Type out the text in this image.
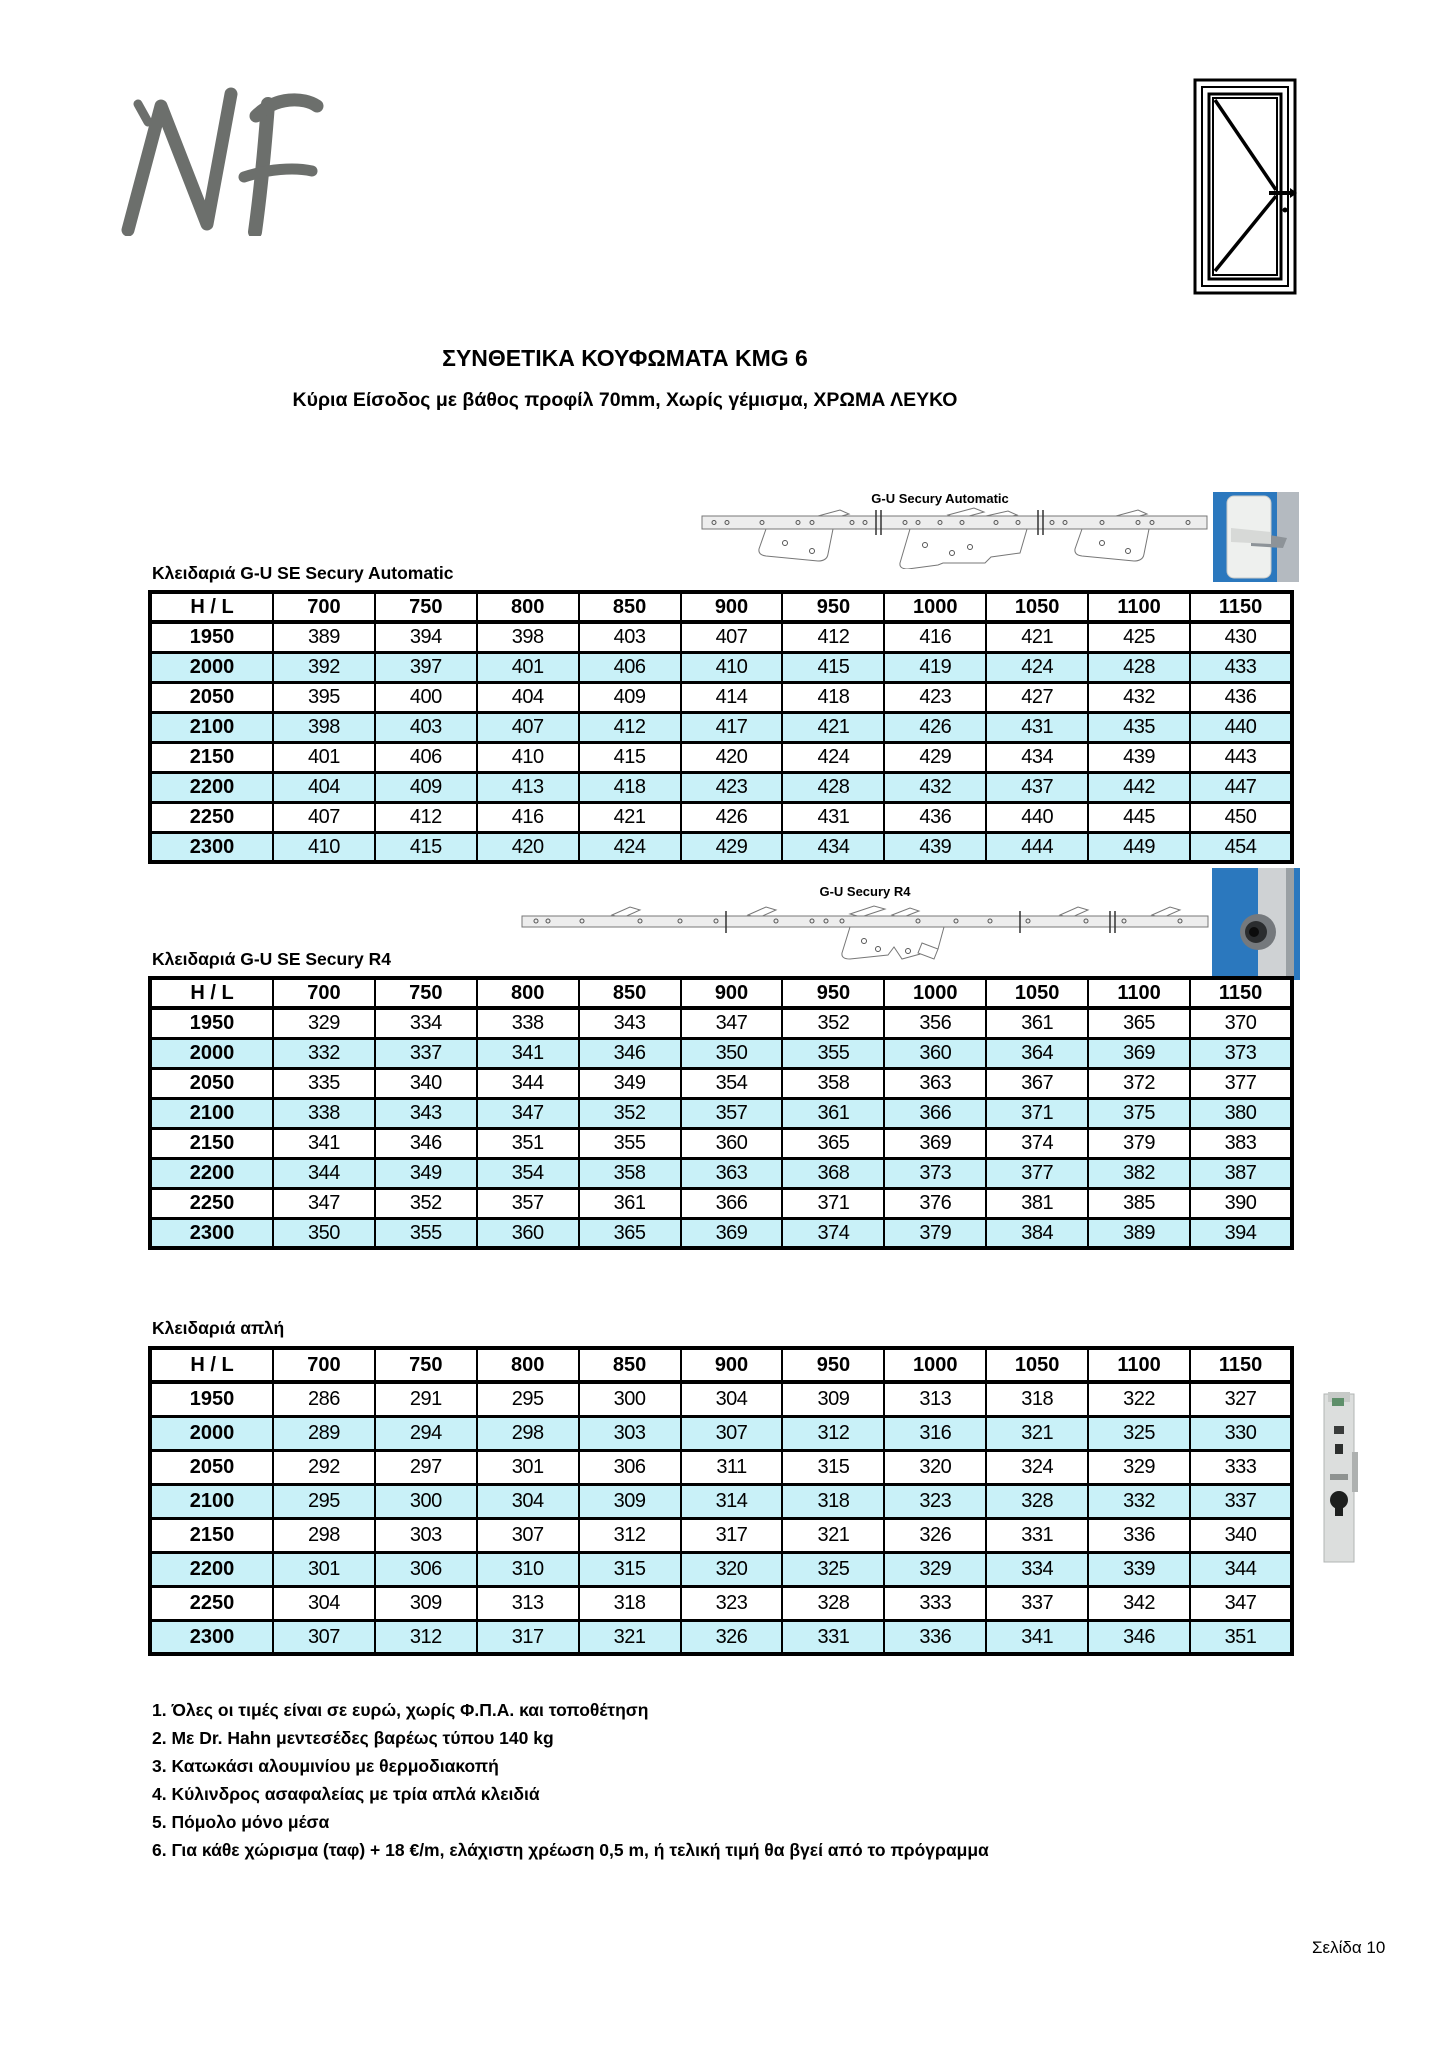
ΣΥΝΘΕΤΙΚΑ ΚΟΥΦΩΜΑΤΑ KMG 6
Κύρια Είσοδος με βάθος προφίλ 70mm, Χωρίς γέμισμα, ΧΡΩΜΑ ΛΕΥΚΟ
G-U Secury Automatic
Κλειδαριά G-U SE Secury Automatic
H / L	700	750	800	850	900	950	1000	1050	1100	1150
1950	389	394	398	403	407	412	416	421	425	430
2000	392	397	401	406	410	415	419	424	428	433
2050	395	400	404	409	414	418	423	427	432	436
2100	398	403	407	412	417	421	426	431	435	440
2150	401	406	410	415	420	424	429	434	439	443
2200	404	409	413	418	423	428	432	437	442	447
2250	407	412	416	421	426	431	436	440	445	450
2300	410	415	420	424	429	434	439	444	449	454
G-U Secury R4
Κλειδαριά G-U SE Secury R4
H / L	700	750	800	850	900	950	1000	1050	1100	1150
1950	329	334	338	343	347	352	356	361	365	370
2000	332	337	341	346	350	355	360	364	369	373
2050	335	340	344	349	354	358	363	367	372	377
2100	338	343	347	352	357	361	366	371	375	380
2150	341	346	351	355	360	365	369	374	379	383
2200	344	349	354	358	363	368	373	377	382	387
2250	347	352	357	361	366	371	376	381	385	390
2300	350	355	360	365	369	374	379	384	389	394
Κλειδαριά απλή
H / L	700	750	800	850	900	950	1000	1050	1100	1150
1950	286	291	295	300	304	309	313	318	322	327
2000	289	294	298	303	307	312	316	321	325	330
2050	292	297	301	306	311	315	320	324	329	333
2100	295	300	304	309	314	318	323	328	332	337
2150	298	303	307	312	317	321	326	331	336	340
2200	301	306	310	315	320	325	329	334	339	344
2250	304	309	313	318	323	328	333	337	342	347
2300	307	312	317	321	326	331	336	341	346	351
1. Όλες οι τιμές είναι σε ευρώ, χωρίς Φ.Π.Α. και τοποθέτηση
2. Με Dr. Hahn μεντεσέδες βαρέως τύπου 140 kg
3. Κατωκάσι αλουμινίου με θερμοδιακοπή
4. Κύλινδρος ασαφαλείας με τρία απλά κλειδιά
5. Πόμολο μόνο μέσα
6. Για κάθε χώρισμα (ταφ) + 18 €/m, ελάχιστη χρέωση 0,5 m, ή τελική τιμή θα βγεί από το πρόγραμμα
Σελίδα 10
